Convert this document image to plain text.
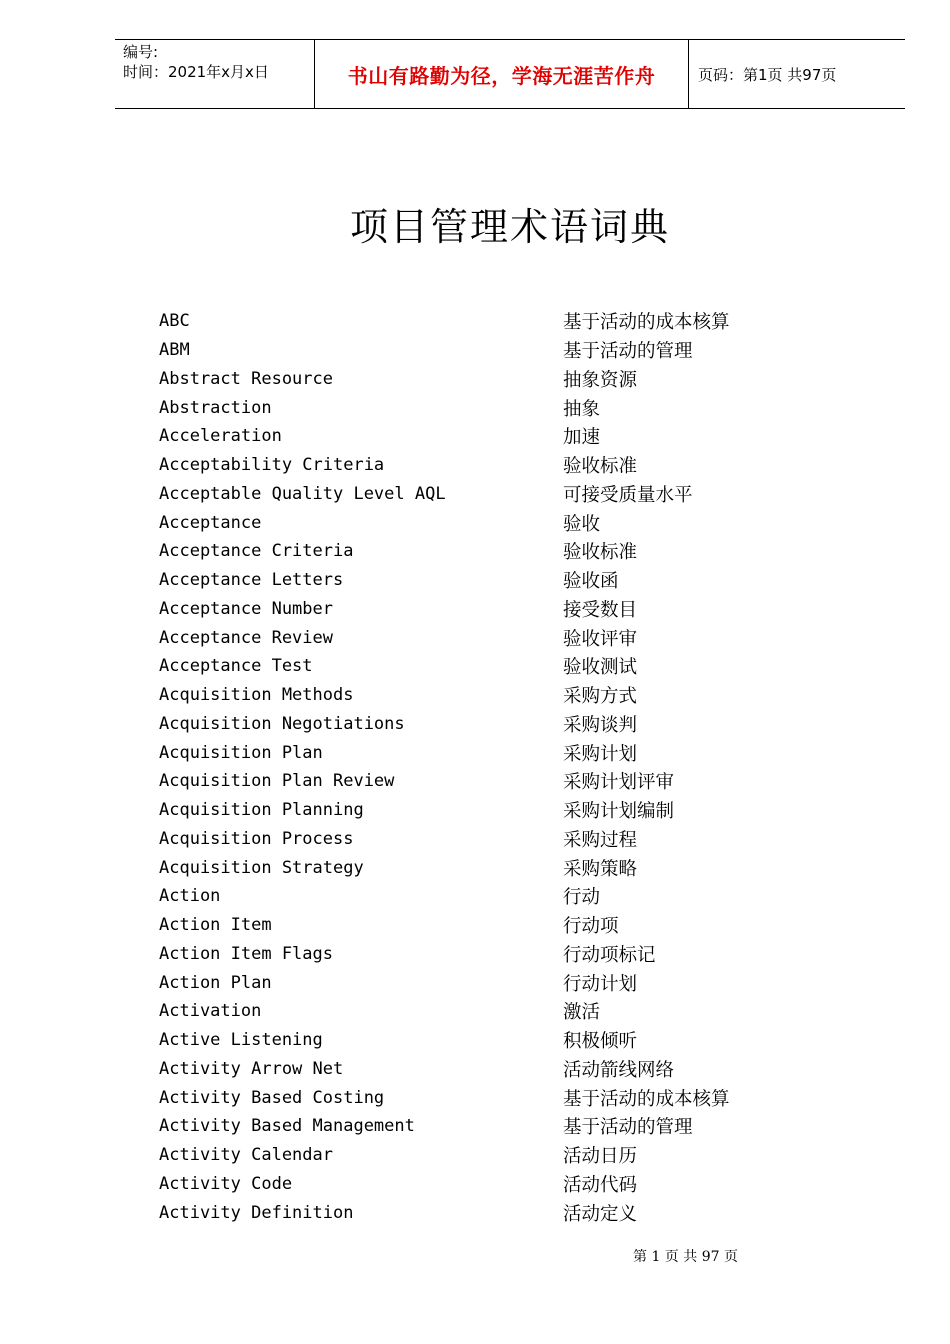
编号:
时间：2021年x月x日	书山有路勤为径，学海无涯苦作舟	页码：第1页 共97页
项目管理术语词典
ABC	基于活动的成本核算
ABM	基于活动的管理
Abstract Resource	抽象资源
Abstraction	抽象
Acceleration	加速
Acceptability Criteria	验收标准
Acceptable Quality Level AQL	可接受质量水平
Acceptance	验收
Acceptance Criteria	验收标准
Acceptance Letters	验收函
Acceptance Number	接受数目
Acceptance Review	验收评审
Acceptance Test	验收测试
Acquisition Methods	采购方式
Acquisition Negotiations	采购谈判
Acquisition Plan	采购计划
Acquisition Plan Review	采购计划评审
Acquisition Planning	采购计划编制
Acquisition Process	采购过程
Acquisition Strategy	采购策略
Action	行动
Action Item	行动项
Action Item Flags	行动项标记
Action Plan	行动计划
Activation	激活
Active Listening	积极倾听
Activity Arrow Net	活动箭线网络
Activity Based Costing	基于活动的成本核算
Activity Based Management	基于活动的管理
Activity Calendar	活动日历
Activity Code	活动代码
Activity Definition	活动定义
第 1 页 共 97 页
